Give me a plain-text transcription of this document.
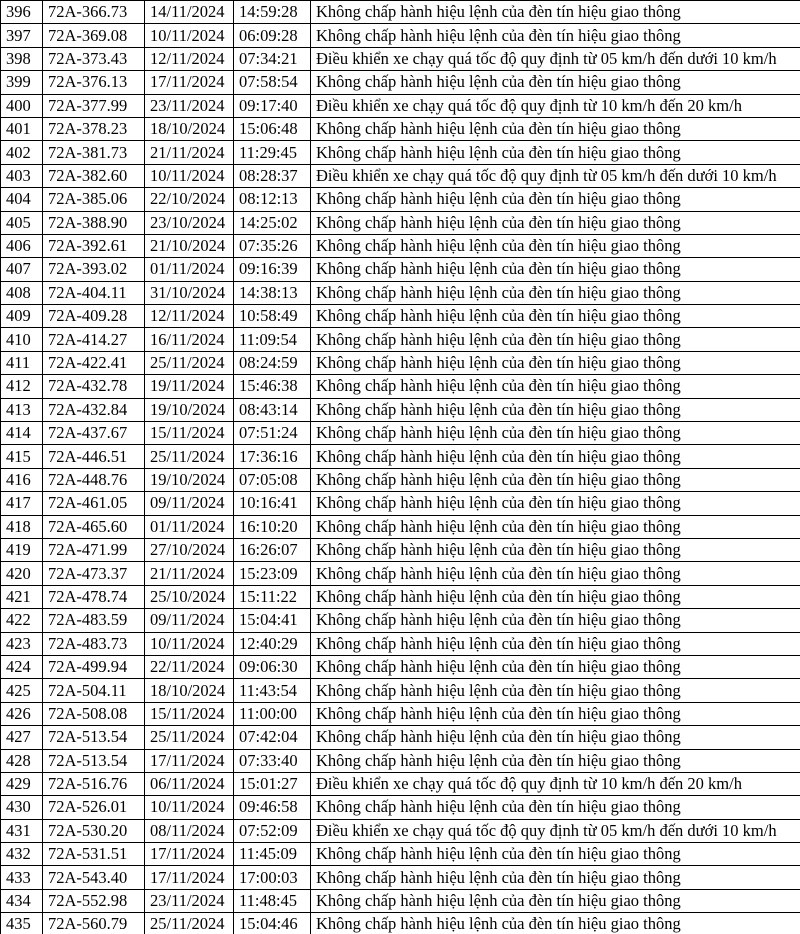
396	72A-366.73	14/11/2024	14:59:28	Không chấp hành hiệu lệnh của đèn tín hiệu giao thông
397	72A-369.08	10/11/2024	06:09:28	Không chấp hành hiệu lệnh của đèn tín hiệu giao thông
398	72A-373.43	12/11/2024	07:34:21	Điều khiển xe chạy quá tốc độ quy định từ 05 km/h đến dưới 10 km/h
399	72A-376.13	17/11/2024	07:58:54	Không chấp hành hiệu lệnh của đèn tín hiệu giao thông
400	72A-377.99	23/11/2024	09:17:40	Điều khiển xe chạy quá tốc độ quy định từ 10 km/h đến 20 km/h
401	72A-378.23	18/10/2024	15:06:48	Không chấp hành hiệu lệnh của đèn tín hiệu giao thông
402	72A-381.73	21/11/2024	11:29:45	Không chấp hành hiệu lệnh của đèn tín hiệu giao thông
403	72A-382.60	10/11/2024	08:28:37	Điều khiển xe chạy quá tốc độ quy định từ 05 km/h đến dưới 10 km/h
404	72A-385.06	22/10/2024	08:12:13	Không chấp hành hiệu lệnh của đèn tín hiệu giao thông
405	72A-388.90	23/10/2024	14:25:02	Không chấp hành hiệu lệnh của đèn tín hiệu giao thông
406	72A-392.61	21/10/2024	07:35:26	Không chấp hành hiệu lệnh của đèn tín hiệu giao thông
407	72A-393.02	01/11/2024	09:16:39	Không chấp hành hiệu lệnh của đèn tín hiệu giao thông
408	72A-404.11	31/10/2024	14:38:13	Không chấp hành hiệu lệnh của đèn tín hiệu giao thông
409	72A-409.28	12/11/2024	10:58:49	Không chấp hành hiệu lệnh của đèn tín hiệu giao thông
410	72A-414.27	16/11/2024	11:09:54	Không chấp hành hiệu lệnh của đèn tín hiệu giao thông
411	72A-422.41	25/11/2024	08:24:59	Không chấp hành hiệu lệnh của đèn tín hiệu giao thông
412	72A-432.78	19/11/2024	15:46:38	Không chấp hành hiệu lệnh của đèn tín hiệu giao thông
413	72A-432.84	19/10/2024	08:43:14	Không chấp hành hiệu lệnh của đèn tín hiệu giao thông
414	72A-437.67	15/11/2024	07:51:24	Không chấp hành hiệu lệnh của đèn tín hiệu giao thông
415	72A-446.51	25/11/2024	17:36:16	Không chấp hành hiệu lệnh của đèn tín hiệu giao thông
416	72A-448.76	19/10/2024	07:05:08	Không chấp hành hiệu lệnh của đèn tín hiệu giao thông
417	72A-461.05	09/11/2024	10:16:41	Không chấp hành hiệu lệnh của đèn tín hiệu giao thông
418	72A-465.60	01/11/2024	16:10:20	Không chấp hành hiệu lệnh của đèn tín hiệu giao thông
419	72A-471.99	27/10/2024	16:26:07	Không chấp hành hiệu lệnh của đèn tín hiệu giao thông
420	72A-473.37	21/11/2024	15:23:09	Không chấp hành hiệu lệnh của đèn tín hiệu giao thông
421	72A-478.74	25/10/2024	15:11:22	Không chấp hành hiệu lệnh của đèn tín hiệu giao thông
422	72A-483.59	09/11/2024	15:04:41	Không chấp hành hiệu lệnh của đèn tín hiệu giao thông
423	72A-483.73	10/11/2024	12:40:29	Không chấp hành hiệu lệnh của đèn tín hiệu giao thông
424	72A-499.94	22/11/2024	09:06:30	Không chấp hành hiệu lệnh của đèn tín hiệu giao thông
425	72A-504.11	18/10/2024	11:43:54	Không chấp hành hiệu lệnh của đèn tín hiệu giao thông
426	72A-508.08	15/11/2024	11:00:00	Không chấp hành hiệu lệnh của đèn tín hiệu giao thông
427	72A-513.54	25/11/2024	07:42:04	Không chấp hành hiệu lệnh của đèn tín hiệu giao thông
428	72A-513.54	17/11/2024	07:33:40	Không chấp hành hiệu lệnh của đèn tín hiệu giao thông
429	72A-516.76	06/11/2024	15:01:27	Điều khiển xe chạy quá tốc độ quy định từ 10 km/h đến 20 km/h
430	72A-526.01	10/11/2024	09:46:58	Không chấp hành hiệu lệnh của đèn tín hiệu giao thông
431	72A-530.20	08/11/2024	07:52:09	Điều khiển xe chạy quá tốc độ quy định từ 05 km/h đến dưới 10 km/h
432	72A-531.51	17/11/2024	11:45:09	Không chấp hành hiệu lệnh của đèn tín hiệu giao thông
433	72A-543.40	17/11/2024	17:00:03	Không chấp hành hiệu lệnh của đèn tín hiệu giao thông
434	72A-552.98	23/11/2024	11:48:45	Không chấp hành hiệu lệnh của đèn tín hiệu giao thông
435	72A-560.79	25/11/2024	15:04:46	Không chấp hành hiệu lệnh của đèn tín hiệu giao thông
